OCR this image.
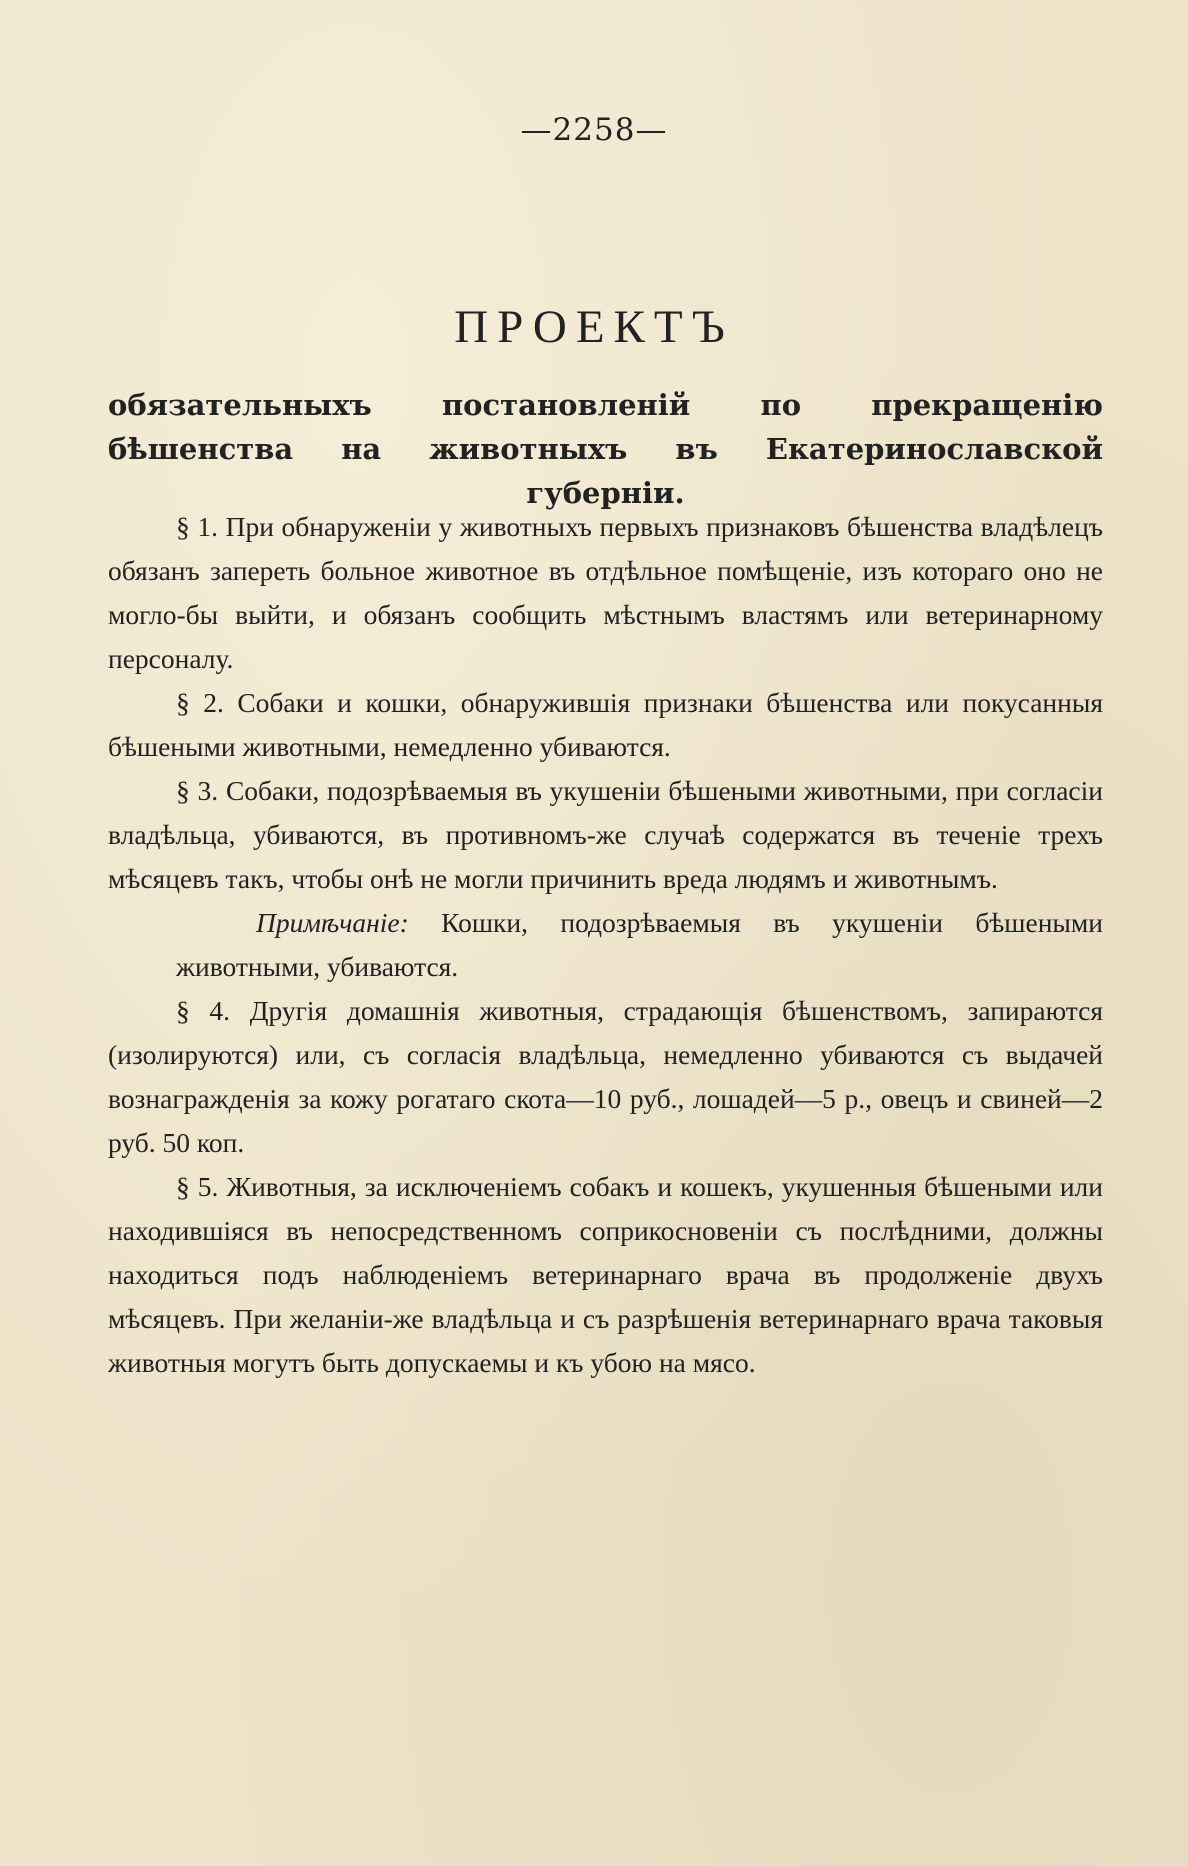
—2258—
ПРОЕКТЪ
обязательныхъ постановленій по прекращенію бѣшенства на животныхъ въ Екатеринославской губерніи.

§ 1. При обнаруженіи у животныхъ первыхъ признаковъ бѣшенства владѣлецъ обязанъ запереть больное животное въ отдѣльное помѣщеніе, изъ котораго оно не могло-бы выйти, и обязанъ сообщить мѣстнымъ властямъ или ветеринарному персоналу.

§ 2. Собаки и кошки, обнаружившія признаки бѣшенства или покусанныя бѣшеными животными, немедленно убиваются.

§ 3. Собаки, подозрѣваемыя въ укушеніи бѣшеными животными, при согласіи владѣльца, убиваются, въ противномъ-же случаѣ содержатся въ теченіе трехъ мѣсяцевъ такъ, чтобы онѣ не могли причинить вреда людямъ и животнымъ.

Примѣчаніе: Кошки, подозрѣваемыя въ укушеніи бѣшеными животными, убиваются.

§ 4. Другія домашнія животныя, страдающія бѣшенствомъ, запираются (изолируются) или, съ согласія владѣльца, немедленно убиваются съ выдачей вознагражденія за кожу рогатаго скота—10 руб., лошадей—5 р., овецъ и свиней—2 руб. 50 коп.

§ 5. Животныя, за исключеніемъ собакъ и кошекъ, укушенныя бѣшеными или находившіяся въ непосредственномъ соприкосновеніи съ послѣдними, должны находиться подъ наблюденіемъ ветеринарнаго врача въ продолженіе двухъ мѣсяцевъ. При желаніи-же владѣльца и съ разрѣшенія ветеринарнаго врача таковыя животныя могутъ быть допускаемы и къ убою на мясо.
